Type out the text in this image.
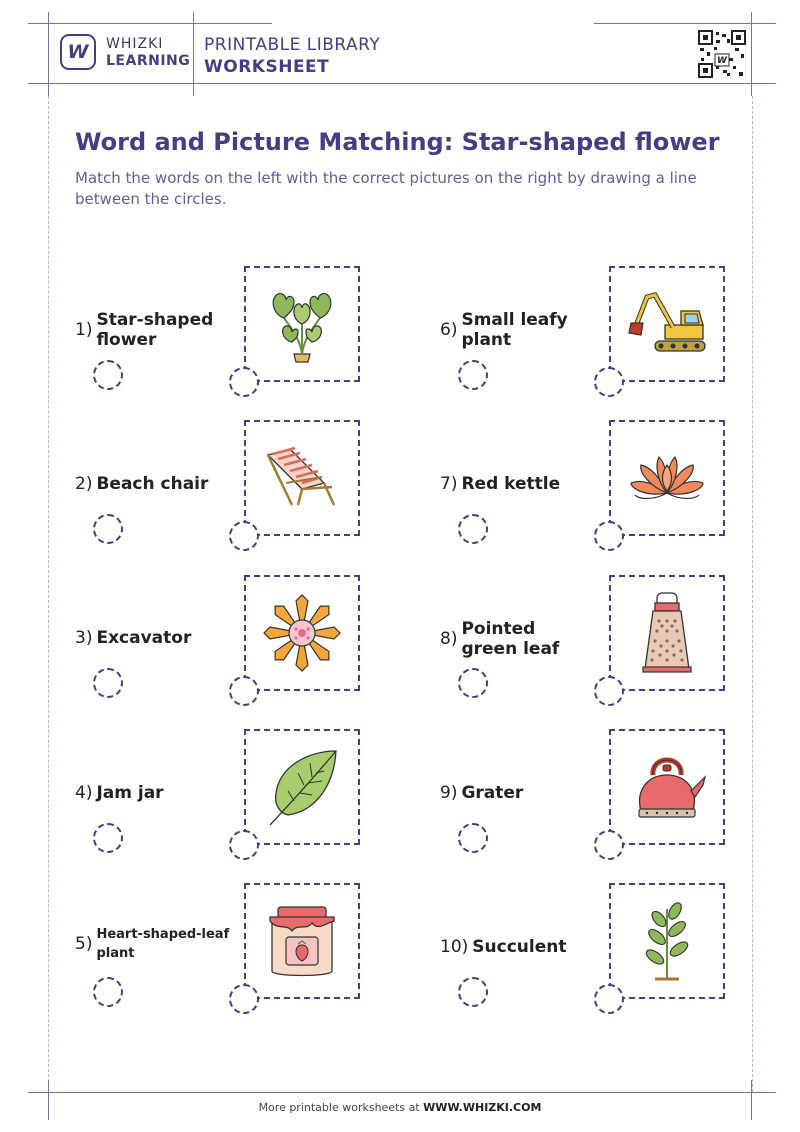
W WHIZKI
LEARNING
PRINTABLE LIBRARY
WORKSHEET	W
Word and Picture Matching: Star-shaped flower
Match the words on the left with the correct pictures on the right by drawing a line between the circles.
1) Star-shaped flower
2) Beach chair
3) Excavator
4) Jam jar
5) Heart-shaped-leaf plant
6) Small leafy plant
7) Red kettle
8) Pointed green leaf
9) Grater
10) Succulent
More printable worksheets at WWW.WHIZKI.COM
